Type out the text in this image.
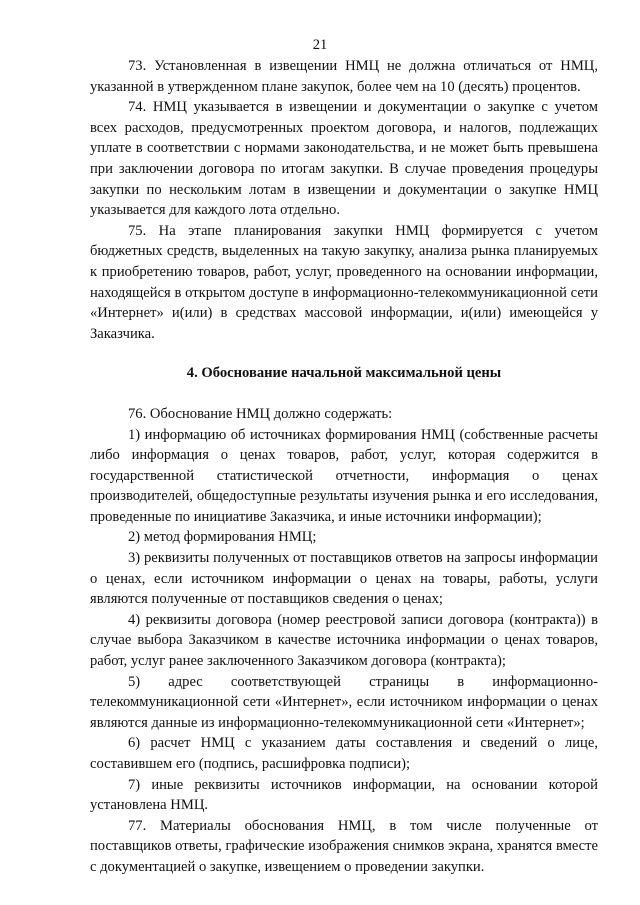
21

73. Установленная в извещении НМЦ не должна отличаться от НМЦ, указанной в утвержденном плане закупок, более чем на 10 (десять) процентов.

74. НМЦ указывается в извещении и документации о закупке с учетом всех расходов, предусмотренных проектом договора, и налогов, подлежащих уплате в соответствии с нормами законодательства, и не может быть превышена при заключении договора по итогам закупки. В случае проведения процедуры закупки по нескольким лотам в извещении и документации о закупке НМЦ указывается для каждого лота отдельно.

75. На этапе планирования закупки НМЦ формируется с учетом бюджетных средств, выделенных на такую закупку, анализа рынка планируемых к приобретению товаров, работ, услуг, проведенного на основании информации, находящейся в открытом доступе в информационно-телекоммуникационной сети «Интернет» и(или) в средствах массовой информации, и(или) имеющейся у Заказчика.

4. Обоснование начальной максимальной цены

76. Обоснование НМЦ должно содержать:

1) информацию об источниках формирования НМЦ (собственные расчеты либо информация о ценах товаров, работ, услуг, которая содержится в государственной статистической отчетности, информация о ценах производителей, общедоступные результаты изучения рынка и его исследования, проведенные по инициативе Заказчика, и иные источники информации);

2) метод формирования НМЦ;

3) реквизиты полученных от поставщиков ответов на запросы информации о ценах, если источником информации о ценах на товары, работы, услуги являются полученные от поставщиков сведения о ценах;

4) реквизиты договора (номер реестровой записи договора (контракта)) в случае выбора Заказчиком в качестве источника информации о ценах товаров, работ, услуг ранее заключенного Заказчиком договора (контракта);

5) адрес соответствующей страницы в информационно-телекоммуникационной сети «Интернет», если источником информации о ценах являются данные из информационно-телекоммуникационной сети «Интернет»;

6) расчет НМЦ с указанием даты составления и сведений о лице, составившем его (подпись, расшифровка подписи);

7) иные реквизиты источников информации, на основании которой установлена НМЦ.

77. Материалы обоснования НМЦ, в том числе полученные от поставщиков ответы, графические изображения снимков экрана, хранятся вместе с документацией о закупке, извещением о проведении закупки.
